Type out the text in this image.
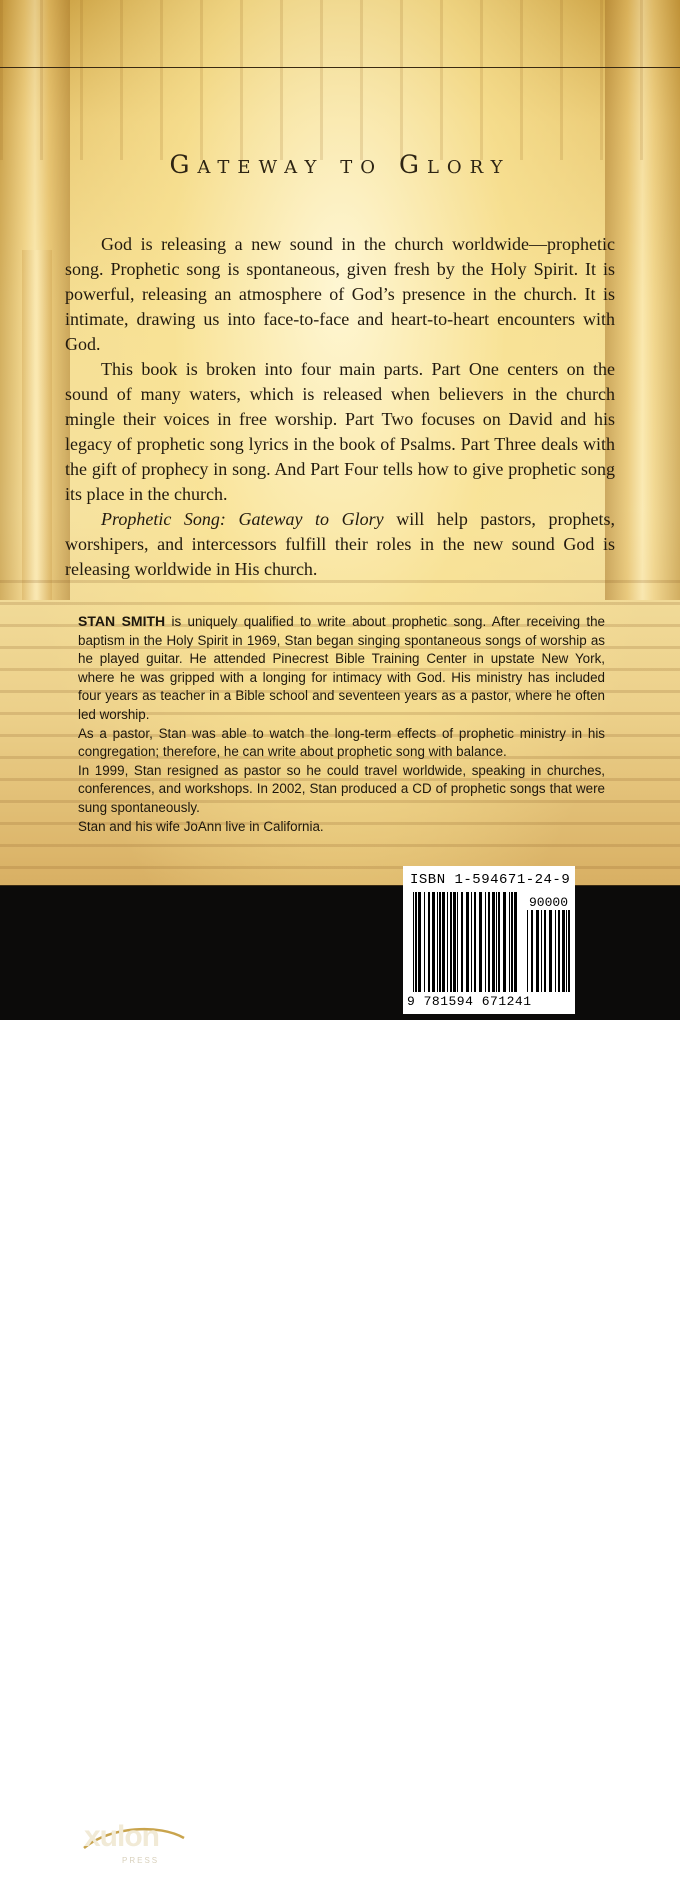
Gateway to Glory

God is releasing a new sound in the church worldwide—prophetic song. Prophetic song is spontaneous, given fresh by the Holy Spirit. It is powerful, releasing an atmosphere of God’s presence in the church. It is intimate, drawing us into face-to-face and heart-to-heart encounters with God.

This book is broken into four main parts. Part One centers on the sound of many waters, which is released when believers in the church mingle their voices in free worship. Part Two focuses on David and his legacy of prophetic song lyrics in the book of Psalms. Part Three deals with the gift of prophecy in song. And Part Four tells how to give prophetic song its place in the church.

Prophetic Song: Gateway to Glory will help pastors, prophets, worshipers, and intercessors fulfill their roles in the new sound God is releasing worldwide in His church.

STAN SMITH is uniquely qualified to write about prophetic song. After receiving the baptism in the Holy Spirit in 1969, Stan began singing spontaneous songs of worship as he played guitar. He attended Pinecrest Bible Training Center in upstate New York, where he was gripped with a longing for intimacy with God. His ministry has included four years as teacher in a Bible school and seventeen years as a pastor, where he often led worship.

As a pastor, Stan was able to watch the long-term effects of prophetic ministry in his congregation; therefore, he can write about prophetic song with balance.

In 1999, Stan resigned as pastor so he could travel worldwide, speaking in churches, conferences, and workshops. In 2002, Stan produced a CD of prophetic songs that were sung spontaneously.

Stan and his wife JoAnn live in California.

xulon
PRESS
ISBN 1-594671-24-9
90000
9 781594 671241
